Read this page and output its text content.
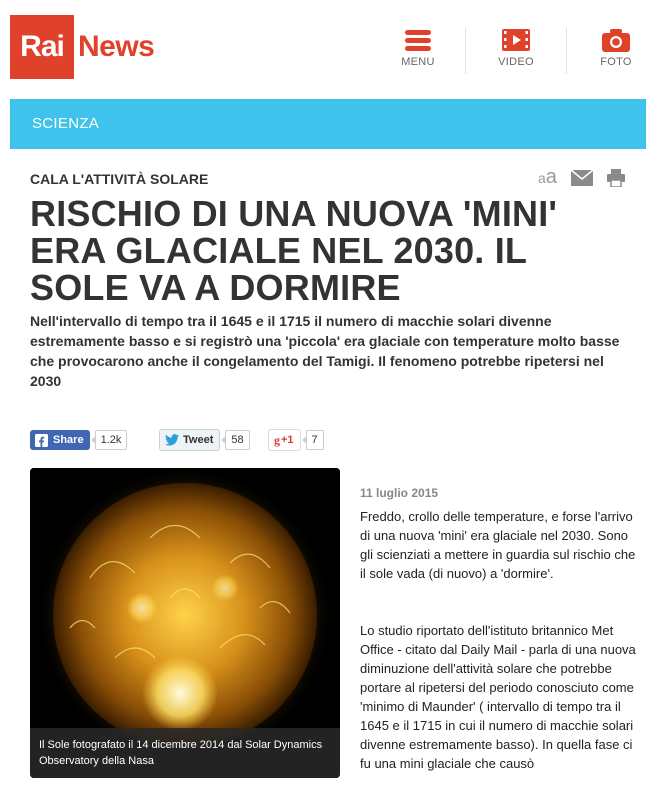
Rai News	MENU	VIDEO	FOTO
SCIENZA
CALA L'ATTIVITÀ SOLARE	aa
RISCHIO DI UNA NUOVA 'MINI' ERA GLACIALE NEL 2030. IL SOLE VA A DORMIRE
Nell'intervallo di tempo tra il 1645 e il 1715 il numero di macchie solari divenne estremamente basso e si registrò una 'piccola' era glaciale con temperature molto basse che provocarono anche il congelamento del Tamigi. Il fenomeno potrebbe ripetersi nel 2030
Share	1.2k	Tweet	58	g +1	7
Il Sole fotografato il 14 dicembre 2014 dal Solar Dynamics Observatory della Nasa
11 luglio 2015
Freddo, crollo delle temperature, e forse l'arrivo di una nuova 'mini' era glaciale nel 2030. Sono gli scienziati a mettere in guardia sul rischio che il sole vada (di nuovo) a 'dormire'.
Lo studio riportato dell'istituto britannico Met Office - citato dal Daily Mail - parla di una nuova diminuzione dell'attività solare che potrebbe portare al ripetersi del periodo conosciuto come 'minimo di Maunder' ( intervallo di tempo tra il 1645 e il 1715 in cui il numero di macchie solari divenne estremamente basso). In quella fase ci fu una mini glaciale che causò
